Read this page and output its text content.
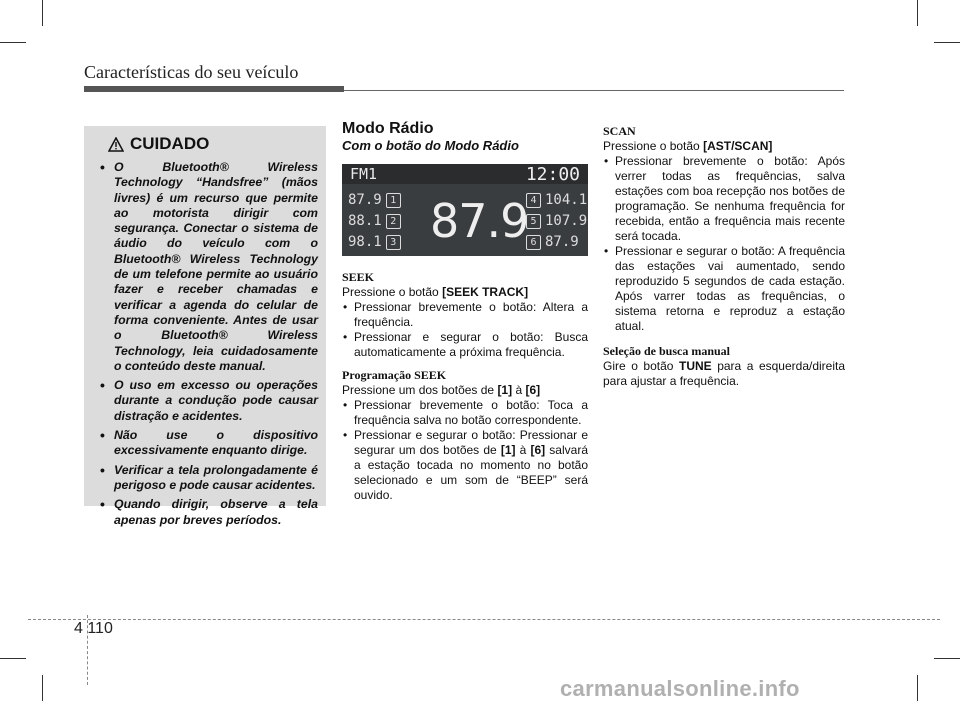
Características do seu veículo
CUIDADO
• O Bluetooth® Wireless Technology “Handsfree” (mãos livres) é um recurso que permite ao motorista dirigir com segurança. Conectar o sistema de áudio do veículo com o Bluetooth® Wireless Technology de um telefone permite ao usuário fazer e receber chamadas e verificar a agenda do celular de forma conveniente. Antes de usar o Bluetooth® Wireless Technology, leia cuidadosamente o conteúdo deste manual.
• O uso em excesso ou operações durante a condução pode causar distração e acidentes.
• Não use o dispositivo excessivamente enquanto dirige.
• Verificar a tela prolongadamente é perigoso e pode causar acidentes.
• Quando dirigir, observe a tela apenas por breves períodos.

Modo Rádio

Com o botão do Modo Rádio

FM1	12:00
87.9
87.9 1
88.1 2
98.1 3
4 104.1
5 107.9
6 87.9

SEEK

Pressione o botão [SEEK TRACK]

• Pressionar brevemente o botão: Altera a frequência.
• Pressionar e segurar o botão: Busca automaticamente a próxima frequência.

Programação SEEK

Pressione um dos botões de [1] à [6]

• Pressionar brevemente o botão: Toca a frequência salva no botão correspondente.
• Pressionar e segurar o botão: Pressionar e segurar um dos botões de [1] à [6] salvará a estação tocada no momento no botão selecionado e um som de “BEEP” será ouvido.

SCAN

Pressione o botão [AST/SCAN]

• Pressionar brevemente o botão: Após verrer todas as frequências, salva estações com boa recepção nos botões de programação. Se nenhuma frequência for recebida, então a frequência mais recente será tocada.
• Pressionar e segurar o botão: A frequência das estações vai aumentado, sendo reproduzido 5 segundos de cada estação. Após varrer todas as frequências, o sistema retorna e reproduz a estação atual.

Seleção de busca manual

Gire o botão TUNE para a esquerda/direita para ajustar a frequência.

4 110
carmanualsonline.info
